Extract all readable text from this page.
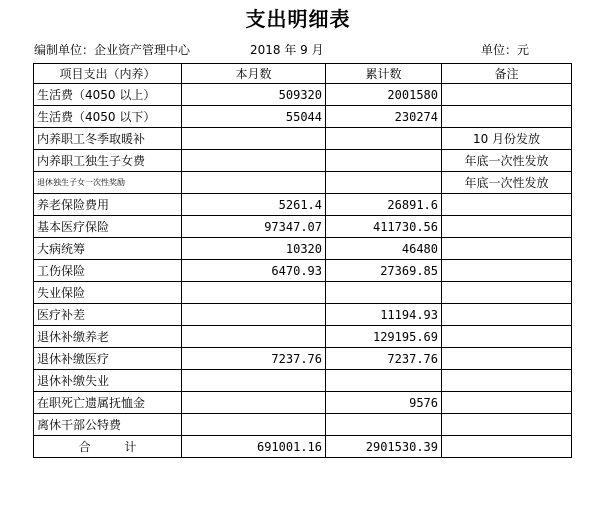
支出明细表
编制单位：企业资产管理中心	2018 年 9 月	单位：元
项目支出（内养）	本月数	累计数	备注
生活费（4050 以上）	509320	2001580	
生活费（4050 以下）	55044	230274	
内养职工冬季取暖补			10 月份发放
内养职工独生子女费			年底一次性发放
退休独生子女一次性奖励			年底一次性发放
养老保险费用	5261.4	26891.6	
基本医疗保险	97347.07	411730.56	
大病统筹	10320	46480	
工伤保险	6470.93	27369.85	
失业保险			
医疗补差		11194.93	
退休补缴养老		129195.69	
退休补缴医疗	7237.76	7237.76	
退休补缴失业			
在职死亡遗属抚恤金		9576	
离休干部公特费			
合 计	691001.16	2901530.39	
